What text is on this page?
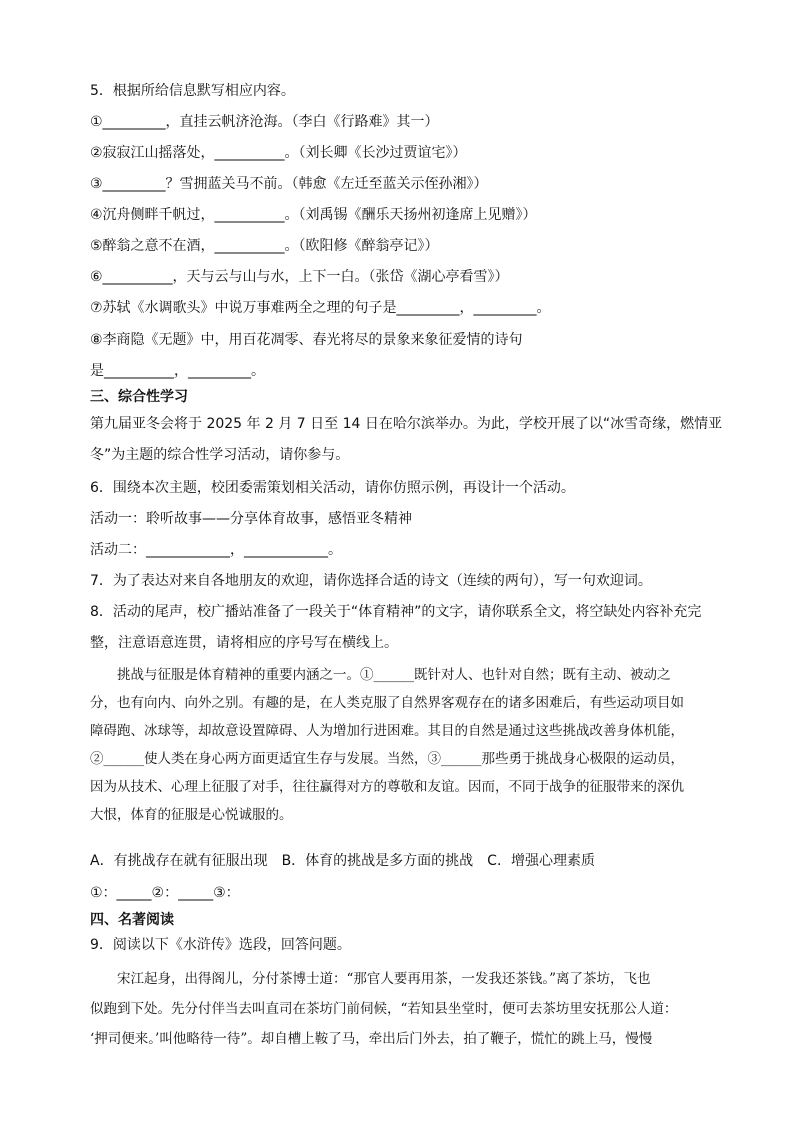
5．根据所给信息默写相应内容。
①_________，直挂云帆济沧海。（李白《行路难》其一）
②寂寂江山摇落处，__________。（刘长卿《长沙过贾谊宅》）
③_________？雪拥蓝关马不前。（韩愈《左迁至蓝关示侄孙湘》）
④沉舟侧畔千帆过，__________。（刘禹锡《酬乐天扬州初逢席上见赠》）
⑤醉翁之意不在酒，__________。（欧阳修《醉翁亭记》）
⑥__________，天与云与山与水，上下一白。（张岱《湖心亭看雪》）
⑦苏轼《水调歌头》中说万事难两全之理的句子是_________，_________。
⑧李商隐《无题》中，用百花凋零、春光将尽的景象来象征爱情的诗句
是__________，_________。
三、综合性学习
第九届亚冬会将于 2025 年 2 月 7 日至 14 日在哈尔滨举办。为此，学校开展了以“冰雪奇缘，燃情亚
冬”为主题的综合性学习活动，请你参与。
6．围绕本次主题，校团委需策划相关活动，请你仿照示例，再设计一个活动。
活动一：聆听故事——分享体育故事，感悟亚冬精神
活动二：____________，____________。
7．为了表达对来自各地朋友的欢迎，请你选择合适的诗文（连续的两句），写一句欢迎词。
8．活动的尾声，校广播站准备了一段关于“体育精神”的文字，请你联系全文，将空缺处内容补充完
整，注意语意连贯，请将相应的序号写在横线上。
挑战与征服是体育精神的重要内涵之一。①______既针对人、也针对自然；既有主动、被动之
分，也有向内、向外之别。有趣的是，在人类克服了自然界客观存在的诸多困难后，有些运动项目如
障碍跑、冰球等，却故意设置障碍、人为增加行进困难。其目的自然是通过这些挑战改善身体机能，
②______使人类在身心两方面更适宜生存与发展。当然，③______那些勇于挑战身心极限的运动员，
因为从技术、心理上征服了对手，往往赢得对方的尊敬和友谊。因而，不同于战争的征服带来的深仇
大恨，体育的征服是心悦诚服的。
A．有挑战存在就有征服出现　B．体育的挑战是多方面的挑战　C．增强心理素质
①：_____②：_____③：
四、名著阅读
9．阅读以下《水浒传》选段，回答问题。
宋江起身，出得阁儿，分付茶博士道：“那官人要再用茶，一发我还茶钱。”离了茶坊，飞也
似跑到下处。先分付伴当去叫直司在茶坊门前伺候，“若知县坐堂时，便可去茶坊里安抚那公人道：
‘押司便来。’叫他略待一待”。却自槽上鞍了马，牵出后门外去，拍了鞭子，慌忙的跳上马，慢慢
